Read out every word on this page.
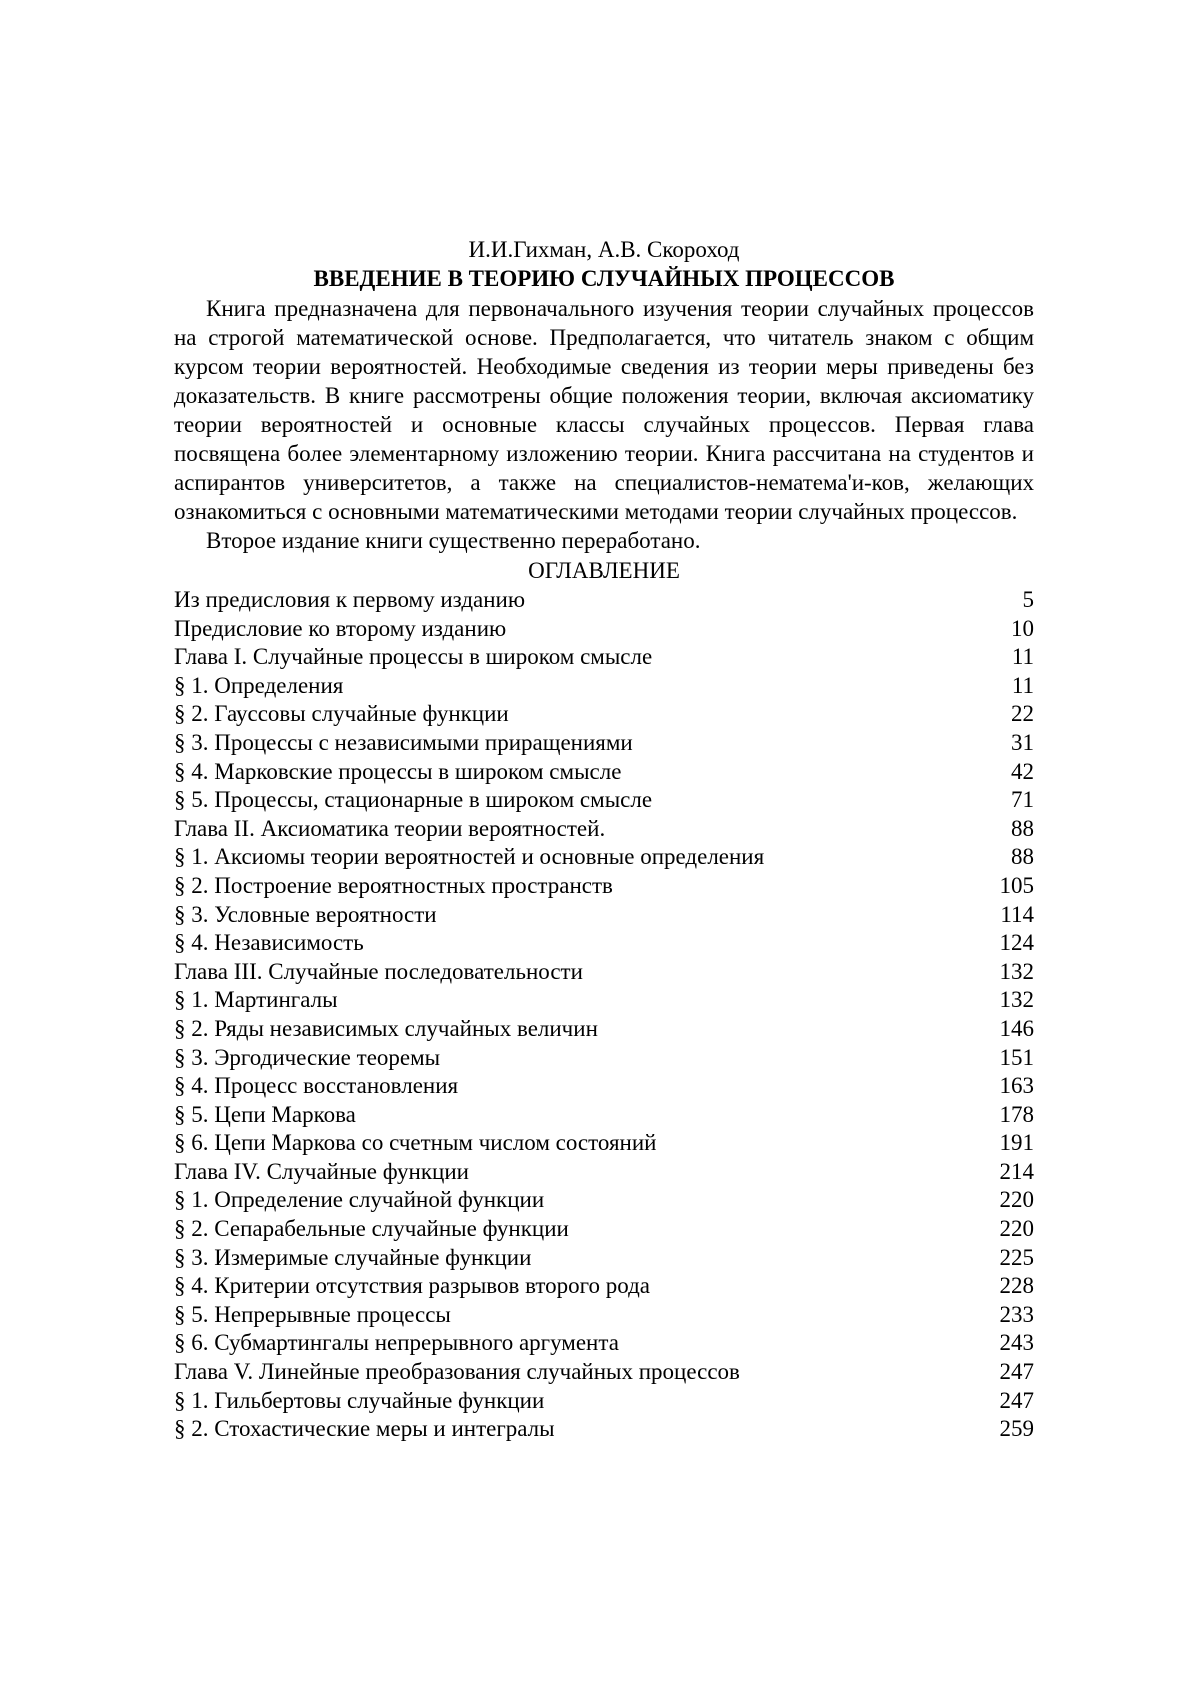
И.И.Гихман, А.В. Скороход

ВВЕДЕНИЕ В ТЕОРИЮ СЛУЧАЙНЫХ ПРОЦЕССОВ

Книга предназначена для первоначального изучения теории случайных процессов на строгой математической основе. Предполагается, что читатель знаком с общим курсом теории вероятностей. Необходимые сведения из теории меры приведены без доказательств. В книге рассмотрены общие положения теории, включая аксиоматику теории вероятностей и основные классы случайных процессов. Первая глава посвящена более элементарному изложению теории. Книга рассчитана на студентов и аспирантов университетов, а также на специалистов-нематема'и-ков, желающих ознакомиться с основными математическими методами теории случайных процессов.

Второе издание книги существенно переработано.

ОГЛАВЛЕНИЕ

Из предисловия к первому изданию	5
Предисловие ко второму изданию	10
Глава I. Случайные процессы в широком смысле	11
§ 1. Определения	11
§ 2. Гауссовы случайные функции	22
§ 3. Процессы с независимыми приращениями	31
§ 4. Марковские процессы в широком смысле	42
§ 5. Процессы, стационарные в широком смысле	71
Глава II. Аксиоматика теории вероятностей.	88
§ 1. Аксиомы теории вероятностей и основные определения	88
§ 2. Построение вероятностных пространств	105
§ 3. Условные вероятности	114
§ 4. Независимость	124
Глава III. Случайные последовательности	132
§ 1. Мартингалы	132
§ 2. Ряды независимых случайных величин	146
§ 3. Эргодические теоремы	151
§ 4. Процесс восстановления	163
§ 5. Цепи Маркова	178
§ 6. Цепи Маркова со счетным числом состояний	191
Глава IV. Случайные функции	214
§ 1. Определение случайной функции	220
§ 2. Сепарабельные случайные функции	220
§ 3. Измеримые случайные функции	225
§ 4. Критерии отсутствия разрывов второго рода	228
§ 5. Непрерывные процессы	233
§ 6. Субмартингалы непрерывного аргумента	243
Глава V. Линейные преобразования случайных процессов	247
§ 1. Гильбертовы случайные функции	247
§ 2. Стохастические меры и интегралы	259
